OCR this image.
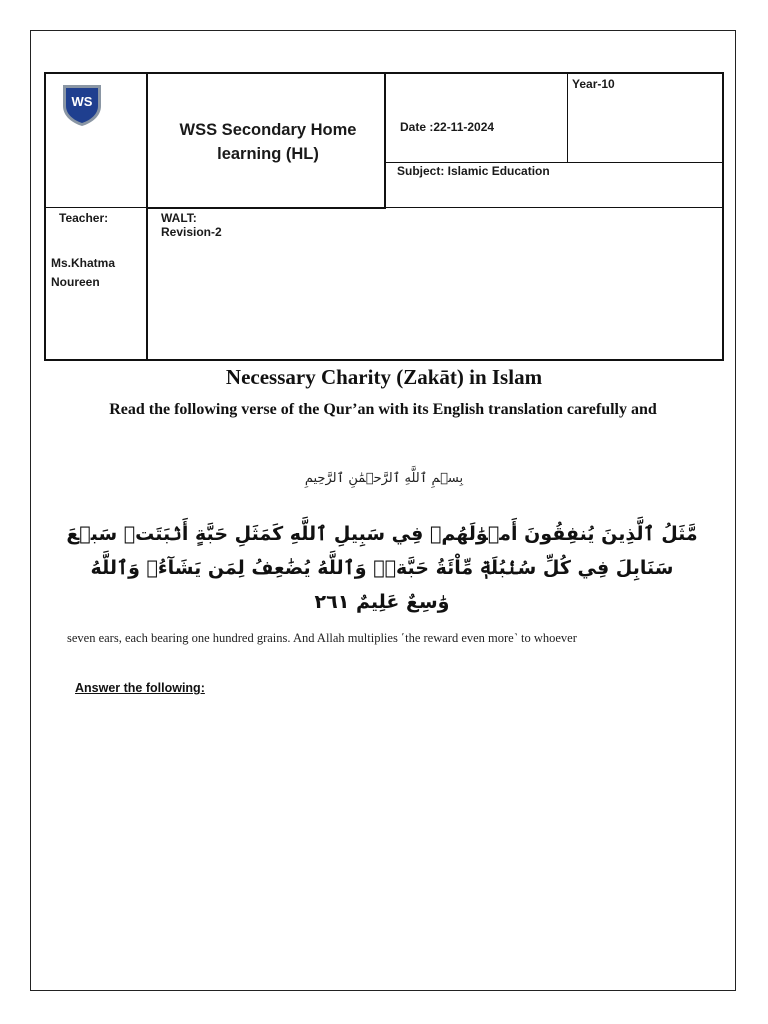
WS
WSS Secondary Home learning (HL)
Year-10
Date :22-11-2024
Subject: Islamic Education
Teacher:
Ms.Khatma Noureen
WALT:
Revision-2
Necessary Charity (Zakāt) in Islam
Read the following verse of the Qur’an with its English translation carefully and
بِسۡمِ ٱللَّهِ ٱلرَّحۡمَٰنِ ٱلرَّحِيمِ
مَّثَلُ ٱلَّذِينَ يُنفِقُونَ أَمۡوَٰلَهُمۡ فِي سَبِيلِ ٱللَّهِ كَمَثَلِ حَبَّةٍ أَنۢبَتَتۡ سَبۡعَ سَنَابِلَ فِي كُلِّ سُنۢبُلَةٖ مِّاْئَةُ حَبَّةٖۗ وَٱللَّهُ يُضَٰعِفُ لِمَن يَشَآءُۚ وَٱللَّهُ وَٰسِعٌ عَلِيمٌ ٢٦١
seven ears, each bearing one hundred grains. And Allah multiplies ˹the reward even more˺ to whoever
Answer the following:
